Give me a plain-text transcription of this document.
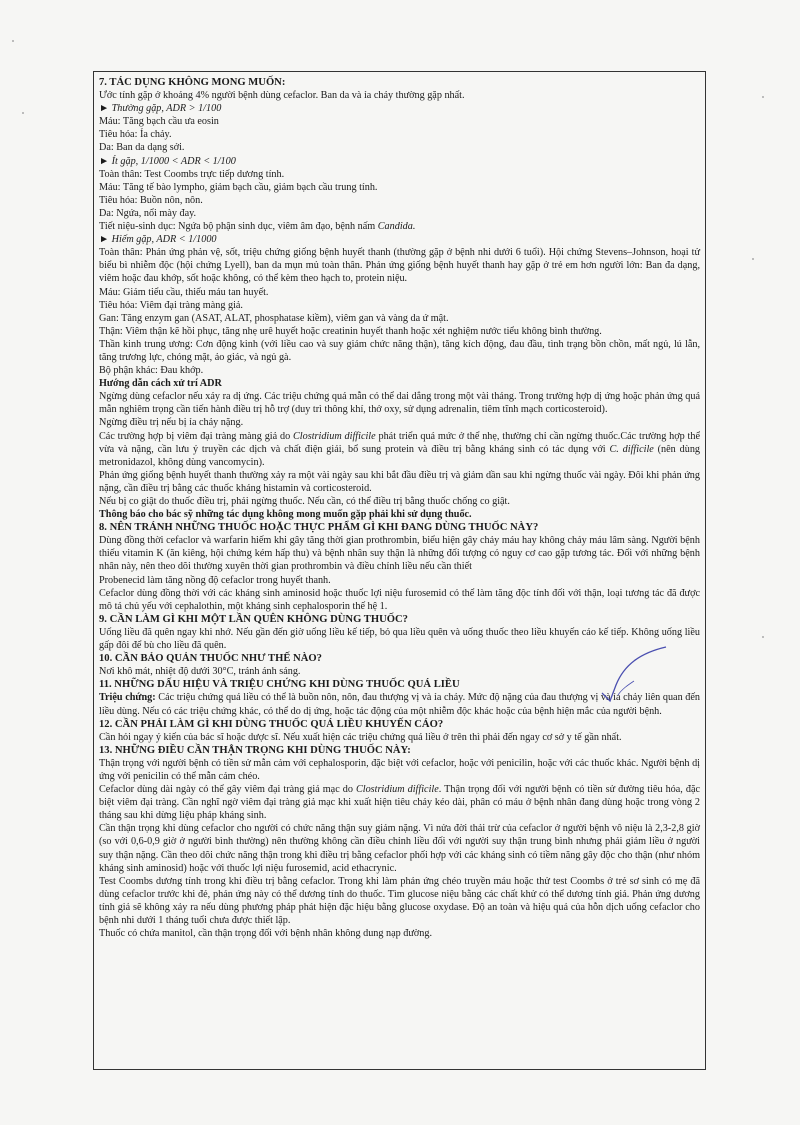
7. TÁC DỤNG KHÔNG MONG MUỐN:

Ước tính gặp ở khoảng 4% người bệnh dùng cefaclor. Ban da và ỉa chảy thường gặp nhất.

► Thường gặp, ADR > 1/100

Máu: Tăng bạch cầu ưa eosin

Tiêu hóa: Ỉa chảy.

Da: Ban da dạng sởi.

► Ít gặp, 1/1000 < ADR < 1/100

Toàn thân: Test Coombs trực tiếp dương tính.

Máu: Tăng tế bào lympho, giảm bạch cầu, giảm bạch cầu trung tính.

Tiêu hóa: Buồn nôn, nôn.

Da: Ngứa, nổi mày đay.

Tiết niệu-sinh dục: Ngứa bộ phận sinh dục, viêm âm đạo, bệnh nấm Candida.

► Hiếm gặp, ADR < 1/1000

Toàn thân: Phản ứng phản vệ, sốt, triệu chứng giống bệnh huyết thanh (thường gặp ở bệnh nhi dưới 6 tuổi). Hội chứng Stevens–Johnson, hoại tử biểu bì nhiễm độc (hội chứng Lyell), ban da mụn mủ toàn thân. Phản ứng giống bệnh huyết thanh hay gặp ở trẻ em hơn người lớn: Ban đa dạng, viêm hoặc đau khớp, sốt hoặc không, có thể kèm theo hạch to, protein niệu.

Máu: Giảm tiểu cầu, thiếu máu tan huyết.

Tiêu hóa: Viêm đại tràng màng giả.

Gan: Tăng enzym gan (ASAT, ALAT, phosphatase kiềm), viêm gan và vàng da ứ mật.

Thận: Viêm thận kẽ hồi phục, tăng nhẹ urê huyết hoặc creatinin huyết thanh hoặc xét nghiệm nước tiểu không bình thường.

Thần kinh trung ương: Cơn động kinh (với liều cao và suy giảm chức năng thận), tăng kích động, đau đầu, tình trạng bồn chồn, mất ngủ, lú lẫn, tăng trương lực, chóng mặt, ảo giác, và ngủ gà.

Bộ phận khác: Đau khớp.

Hướng dẫn cách xử trí ADR

Ngừng dùng cefaclor nếu xảy ra dị ứng. Các triệu chứng quá mẫn có thể dai dẳng trong một vài tháng. Trong trường hợp dị ứng hoặc phản ứng quá mẫn nghiêm trọng cần tiến hành điều trị hỗ trợ (duy trì thông khí, thở oxy, sử dụng adrenalin, tiêm tĩnh mạch corticosteroid).

Ngừng điều trị nếu bị ỉa chảy nặng.

Các trường hợp bị viêm đại tràng màng giả do Clostridium difficile phát triển quá mức ở thể nhẹ, thường chỉ cần ngừng thuốc.Các trường hợp thể vừa và nặng, cần lưu ý truyền các dịch và chất điện giải, bổ sung protein và điều trị bằng kháng sinh có tác dụng với C. difficile (nên dùng metronidazol, không dùng vancomycin).

Phản ứng giống bệnh huyết thanh thường xảy ra một vài ngày sau khi bắt đầu điều trị và giảm dần sau khi ngừng thuốc vài ngày. Đôi khi phản ứng nặng, cần điều trị bằng các thuốc kháng histamin và corticosteroid.

Nếu bị co giật do thuốc điều trị, phải ngừng thuốc. Nếu cần, có thể điều trị bằng thuốc chống co giật.

Thông báo cho bác sỹ những tác dụng không mong muốn gặp phải khi sử dụng thuốc.

8. NÊN TRÁNH NHỮNG THUỐC HOẶC THỰC PHẨM GÌ KHI ĐANG DÙNG THUỐC NÀY?

Dùng đồng thời cefaclor và warfarin hiếm khi gây tăng thời gian prothrombin, biểu hiện gây chảy máu hay không chảy máu lâm sàng. Người bệnh thiếu vitamin K (ăn kiêng, hội chứng kém hấp thu) và bệnh nhân suy thận là những đối tượng có nguy cơ cao gặp tương tác. Đối với những bệnh nhân này, nên theo dõi thường xuyên thời gian prothrombin và điều chỉnh liều nếu cần thiết

Probenecid làm tăng nồng độ cefaclor trong huyết thanh.

Cefaclor dùng đồng thời với các kháng sinh aminosid hoặc thuốc lợi niệu furosemid có thể làm tăng độc tính đối với thận, loại tương tác đã được mô tả chủ yếu với cephalothin, một kháng sinh cephalosporin thế hệ 1.

9. CẦN LÀM GÌ KHI MỘT LẦN QUÊN KHÔNG DÙNG THUỐC?

Uống liều đã quên ngay khi nhớ. Nếu gần đến giờ uống liều kế tiếp, bỏ qua liều quên và uống thuốc theo liều khuyến cáo kế tiếp. Không uống liều gấp đôi để bù cho liều đã quên.

10. CẦN BẢO QUẢN THUỐC NHƯ THẾ NÀO?

Nơi khô mát, nhiệt độ dưới 30°C, tránh ánh sáng.

11. NHỮNG DẤU HIỆU VÀ TRIỆU CHỨNG KHI DÙNG THUỐC QUÁ LIỀU

Triệu chứng: Các triệu chứng quá liều có thể là buồn nôn, nôn, đau thượng vị và ỉa chảy. Mức độ nặng của đau thượng vị và ỉa chảy liên quan đến liều dùng. Nếu có các triệu chứng khác, có thể do dị ứng, hoặc tác động của một nhiễm độc khác hoặc của bệnh hiện mắc của người bệnh.

12. CẦN PHẢI LÀM GÌ KHI DÙNG THUỐC QUÁ LIỀU KHUYẾN CÁO?

Cần hỏi ngay ý kiến của bác sĩ hoặc dược sĩ. Nếu xuất hiện các triệu chứng quá liều ở trên thì phải đến ngay cơ sở y tế gần nhất.

13. NHỮNG ĐIỀU CẦN THẬN TRỌNG KHI DÙNG THUỐC NÀY:

Thận trọng với người bệnh có tiền sử mẫn cảm với cephalosporin, đặc biệt với cefaclor, hoặc với penicilin, hoặc với các thuốc khác. Người bệnh dị ứng với penicilin có thể mẫn cảm chéo.

Cefaclor dùng dài ngày có thể gây viêm đại tràng giả mạc do Clostridium difficile. Thận trọng đối với người bệnh có tiền sử đường tiêu hóa, đặc biệt viêm đại tràng. Cần nghĩ ngờ viêm đại tràng giả mạc khi xuất hiện tiêu chảy kéo dài, phân có máu ở bệnh nhân đang dùng hoặc trong vòng 2 tháng sau khi dừng liệu pháp kháng sinh.

Cần thận trọng khi dùng cefaclor cho người có chức năng thận suy giảm nặng. Vì nửa đời thải trừ của cefaclor ở người bệnh vô niệu là 2,3-2,8 giờ (so với 0,6-0,9 giờ ở người bình thường) nên thường không cần điều chỉnh liều đối với người suy thận trung bình nhưng phải giảm liều ở người suy thận nặng. Cần theo dõi chức năng thận trong khi điều trị bằng cefaclor phối hợp với các kháng sinh có tiềm năng gây độc cho thận (như nhóm kháng sinh aminosid) hoặc với thuốc lợi niệu furosemid, acid ethacrynic.

Test Coombs dương tính trong khi điều trị bằng cefaclor. Trong khi làm phản ứng chéo truyền máu hoặc thử test Coombs ở trẻ sơ sinh có mẹ đã dùng cefaclor trước khi đẻ, phản ứng này có thể dương tính do thuốc. Tìm glucose niệu bằng các chất khử có thể dương tính giả. Phản ứng dương tính giả sẽ không xảy ra nếu dùng phương pháp phát hiện đặc hiệu bằng glucose oxydase. Độ an toàn và hiệu quả của hỗn dịch uống cefaclor cho bệnh nhi dưới 1 tháng tuổi chưa được thiết lập.

Thuốc có chứa manitol, cần thận trọng đối với bệnh nhân không dung nạp đường.
